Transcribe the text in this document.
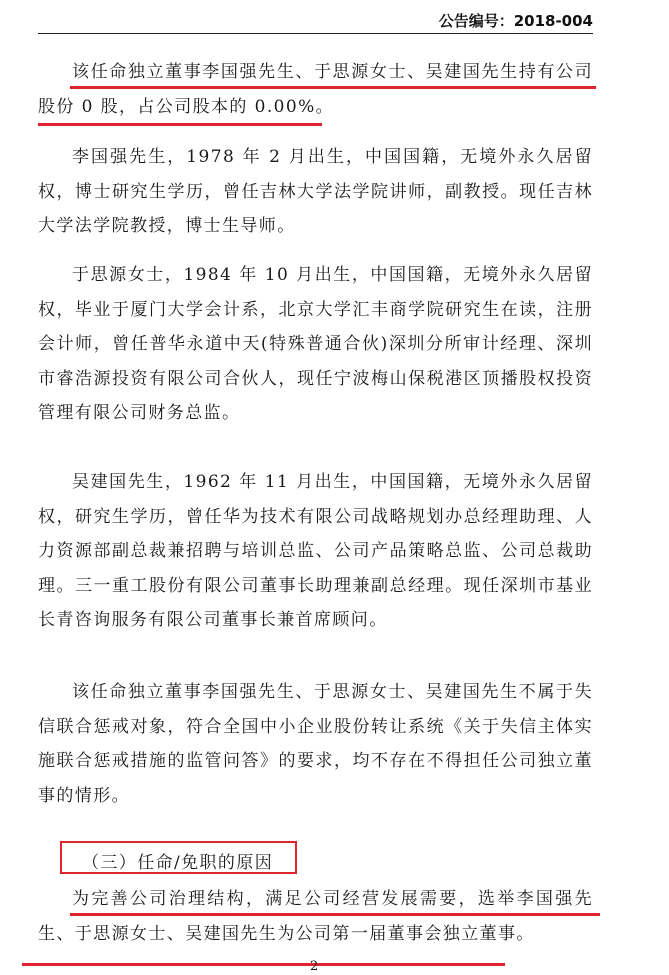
公告编号：2018-004

该任命独立董事李国强先生、于思源女士、吴建国先生持有公司股份 0 股，占公司股本的 0.00%。

李国强先生，1978 年 2 月出生，中国国籍，无境外永久居留权，博士研究生学历，曾任吉林大学法学院讲师，副教授。现任吉林大学法学院教授，博士生导师。

于思源女士，1984 年 10 月出生，中国国籍，无境外永久居留权，毕业于厦门大学会计系，北京大学汇丰商学院研究生在读，注册会计师，曾任普华永道中天(特殊普通合伙)深圳分所审计经理、深圳市睿浩源投资有限公司合伙人，现任宁波梅山保税港区顶播股权投资管理有限公司财务总监。

吴建国先生，1962 年 11 月出生，中国国籍，无境外永久居留权，研究生学历，曾任华为技术有限公司战略规划办总经理助理、人力资源部副总裁兼招聘与培训总监、公司产品策略总监、公司总裁助理。三一重工股份有限公司董事长助理兼副总经理。现任深圳市基业长青咨询服务有限公司董事长兼首席顾问。

该任命独立董事李国强先生、于思源女士、吴建国先生不属于失信联合惩戒对象，符合全国中小企业股份转让系统《关于失信主体实施联合惩戒措施的监管问答》的要求，均不存在不得担任公司独立董事的情形。

（三）任命/免职的原因

为完善公司治理结构，满足公司经营发展需要，选举李国强先生、于思源女士、吴建国先生为公司第一届董事会独立董事。

2
